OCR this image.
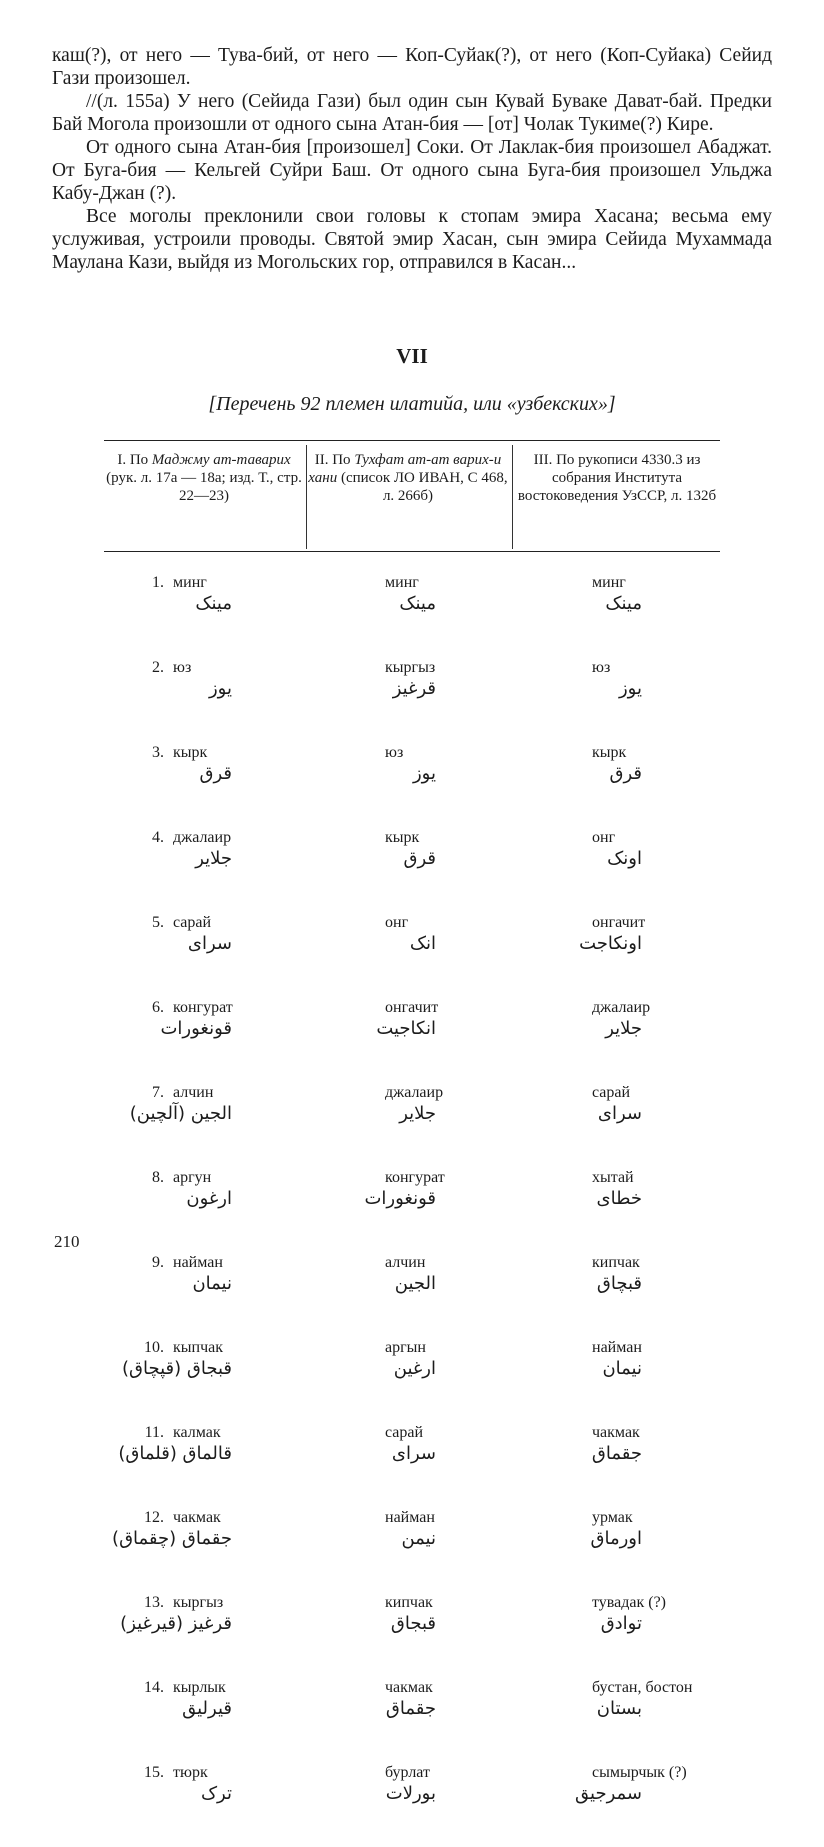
каш(?), от него — Тува-бий, от него — Коп-Суйак(?), от него (Коп-Суйака) Сейид Гази произошел.

//(л. 155а) У него (Сейида Гази) был один сын Кувай Буваке Дават-бай. Предки Бай Могола произошли от одного сына Атан-бия — [от] Чолак Тукиме(?) Кире.

От одного сына Атан-бия [произошел] Соки. От Лаклак-бия произошел Абаджат. От Буга-бия — Кельгей Суйри Баш. От одного сына Буга-бия произошел Ульджа Кабу-Джан (?).

Все моголы преклонили свои головы к стопам эмира Хасана; весьма ему услуживая, устроили проводы. Святой эмир Хасан, сын эмира Сейида Мухаммада Маулана Кази, выйдя из Могольских гор, отправился в Касан...

VII
[Перечень 92 племен илатийа, или «узбекских»]
I. По Маджму ат-таварих (рук. л. 17а — 18а; изд. Т., стр. 22—23)
II. По Тухфат ат-ат варих-и хани (список ЛО ИВАН, С 468, л. 266б)
III. По рукописи 4330.3 из собрания Института востоковедения УзССР, л. 132б
1. минг
مینک
минг
مینک
минг
مینک
2. юз
یوز
кыргыз
قرغیز
юз
یوز
3. кырк
قرق
юз
یوز
кырк
قرق
4. джалаир
جلایر
кырк
قرق
онг
اونک
5. сарай
سرای
онг
انک
онгачит
اونکاجت
6. конгурат
قونغورات
онгачит
انکاجیت
джалаир
جلایر
7. алчин
الجین (آلچین)
джалаир
جلایر
сарай
سرای
8. аргун
ارغون
конгурат
قونغورات
хытай
خطای
9. найман
نیمان
алчин
الجین
кипчак
قبچاق
10. кыпчак
قبجاق (قپچاق)
аргын
ارغین
найман
نیمان
11. калмак
قالماق (قلماق)
сарай
سرای
чакмак
جقماق
12. чакмак
جقماق (چقماق)
найман
نیمن
урмак
اورماق
13. кыргыз
قرغیز (قیرغیز)
кипчак
قبجاق
тувадак (?)
توادق
14. кырлык
قیرلیق
чакмак
جقماق
бустан, бостон
بستان
15. тюрк
ترک
бурлат
بورلات
сымырчык (?)
سمرجیق
210
